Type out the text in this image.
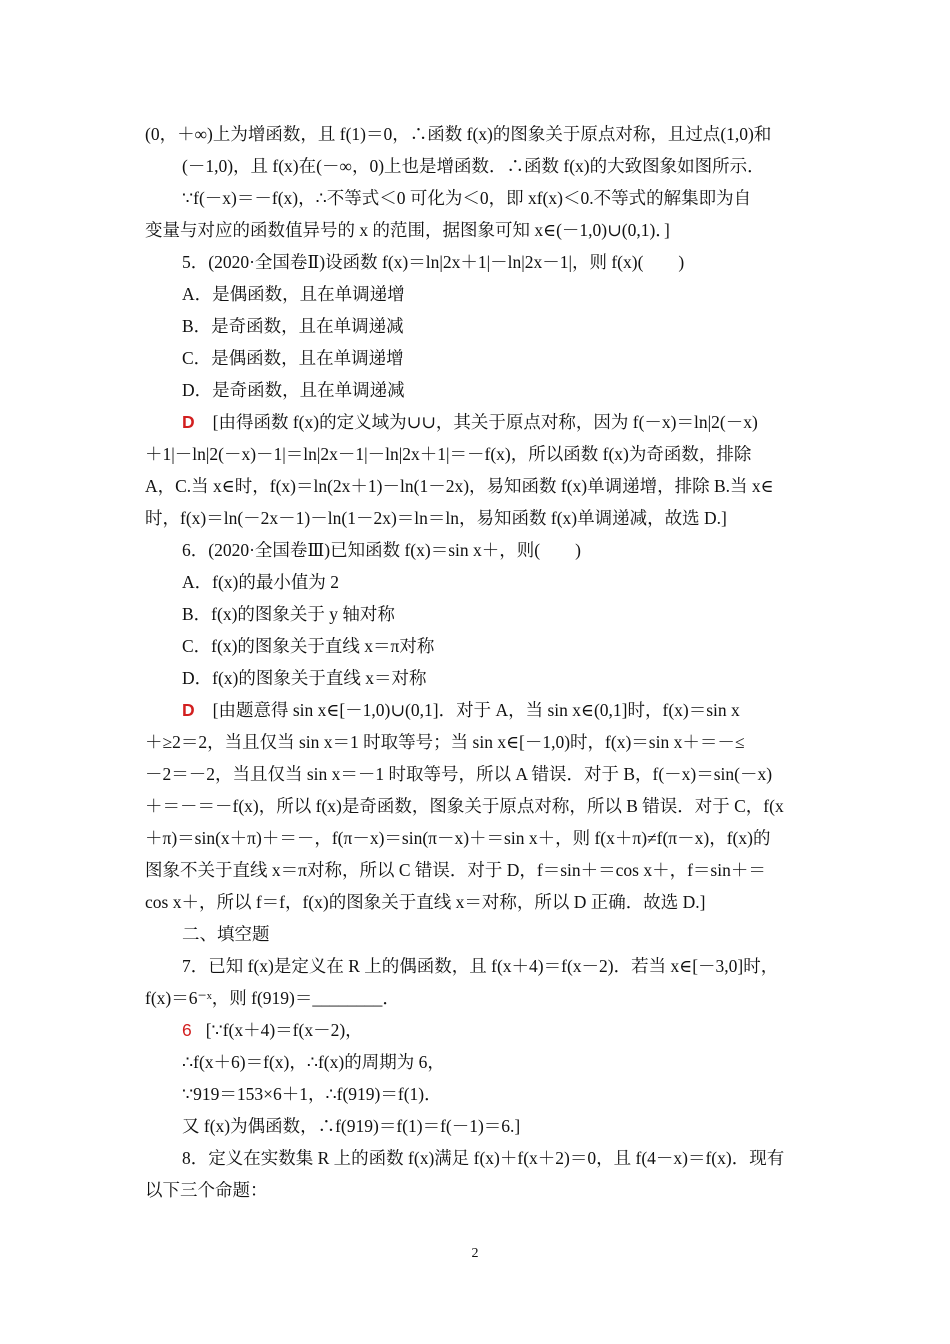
(0，＋∞)上为增函数，且 f(1)＝0，∴函数 f(x)的图象关于原点对称，且过点(1,0)和
(－1,0)，且 f(x)在(－∞，0)上也是增函数．∴函数 f(x)的大致图象如图所示．
∵f(－x)＝－f(x)，∴不等式＜0 可化为＜0，即 xf(x)＜0.不等式的解集即为自
变量与对应的函数值异号的 x 的范围，据图象可知 x∈(－1,0)∪(0,1)．]
5．(2020·全国卷Ⅱ)设函数 f(x)＝ln|2x＋1|－ln|2x－1|，则 f(x)(　　)
A．是偶函数，且在单调递增
B．是奇函数，且在单调递减
C．是偶函数，且在单调递增
D．是奇函数，且在单调递减
D [由得函数 f(x)的定义域为∪∪，其关于原点对称，因为 f(－x)＝ln|2(－x)
＋1|－ln|2(－x)－1|＝ln|2x－1|－ln|2x＋1|＝－f(x)，所以函数 f(x)为奇函数，排除
A，C.当 x∈时，f(x)＝ln(2x＋1)－ln(1－2x)，易知函数 f(x)单调递增，排除 B.当 x∈
时，f(x)＝ln(－2x－1)－ln(1－2x)＝ln＝ln，易知函数 f(x)单调递减，故选 D.]
6．(2020·全国卷Ⅲ)已知函数 f(x)＝sin x＋，则(　　)
A．f(x)的最小值为 2
B．f(x)的图象关于 y 轴对称
C．f(x)的图象关于直线 x＝π对称
D．f(x)的图象关于直线 x＝对称
D [由题意得 sin x∈[－1,0)∪(0,1]．对于 A，当 sin x∈(0,1]时，f(x)＝sin x
＋≥2＝2，当且仅当 sin x＝1 时取等号；当 sin x∈[－1,0)时，f(x)＝sin x＋＝－≤
－2＝－2，当且仅当 sin x＝－1 时取等号，所以 A 错误．对于 B，f(－x)＝sin(－x)
＋＝－＝－f(x)，所以 f(x)是奇函数，图象关于原点对称，所以 B 错误．对于 C，f(x
＋π)＝sin(x＋π)＋＝－，f(π－x)＝sin(π－x)＋＝sin x＋，则 f(x＋π)≠f(π－x)，f(x)的
图象不关于直线 x＝π对称，所以 C 错误．对于 D，f＝sin＋＝cos x＋，f＝sin＋＝
cos x＋，所以 f＝f，f(x)的图象关于直线 x＝对称，所以 D 正确．故选 D.]
二、填空题
7．已知 f(x)是定义在 R 上的偶函数，且 f(x＋4)＝f(x－2)．若当 x∈[－3,0]时，
f(x)＝6⁻ˣ，则 f(919)＝________．
6 [∵f(x＋4)＝f(x－2)，
∴f(x＋6)＝f(x)，∴f(x)的周期为 6，
∵919＝153×6＋1，∴f(919)＝f(1)．
又 f(x)为偶函数，∴f(919)＝f(1)＝f(－1)＝6.]
8．定义在实数集 R 上的函数 f(x)满足 f(x)＋f(x＋2)＝0，且 f(4－x)＝f(x)．现有
以下三个命题：
2
